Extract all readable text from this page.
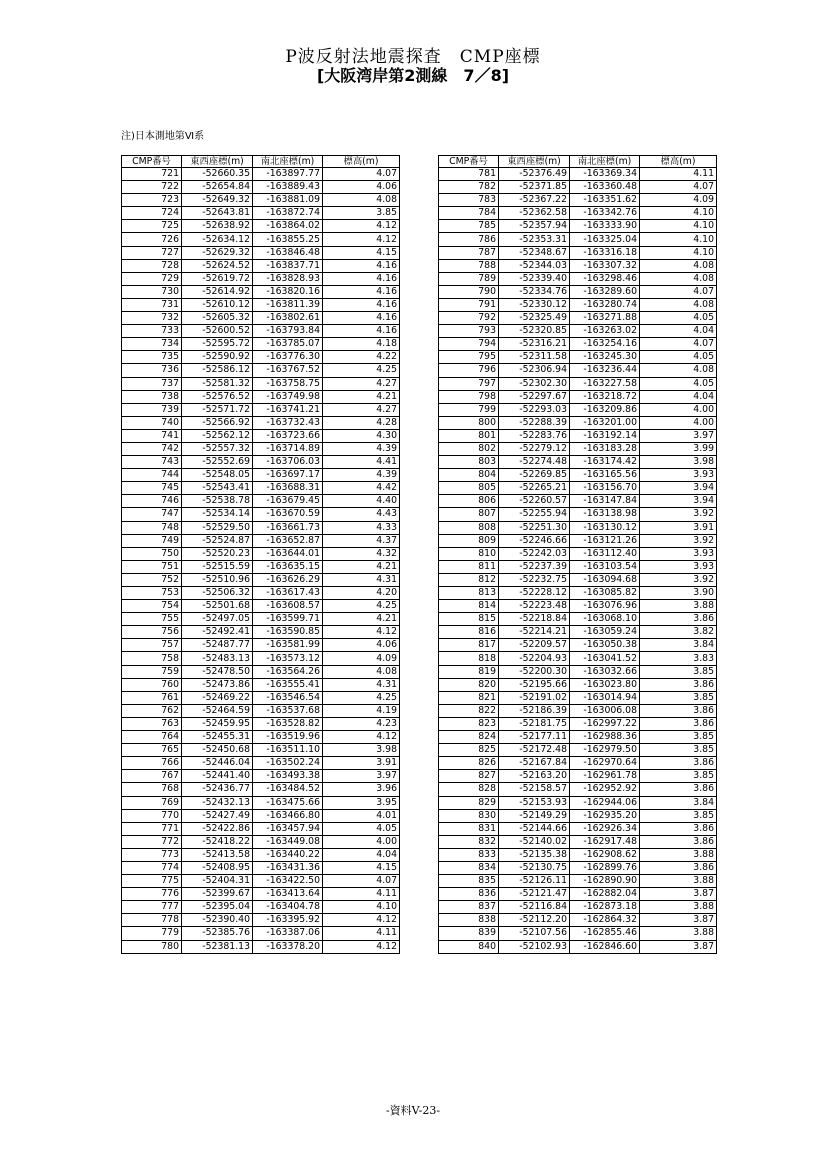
P波反射法地震探査　CMP座標
[大阪湾岸第2測線　7／8]
注)日本測地第Ⅵ系
CMP番号	東西座標(m)	南北座標(m)	標高(m)
721	-52660.35	-163897.77	4.07
722	-52654.84	-163889.43	4.06
723	-52649.32	-163881.09	4.08
724	-52643.81	-163872.74	3.85
725	-52638.92	-163864.02	4.12
726	-52634.12	-163855.25	4.12
727	-52629.32	-163846.48	4.15
728	-52624.52	-163837.71	4.16
729	-52619.72	-163828.93	4.16
730	-52614.92	-163820.16	4.16
731	-52610.12	-163811.39	4.16
732	-52605.32	-163802.61	4.16
733	-52600.52	-163793.84	4.16
734	-52595.72	-163785.07	4.18
735	-52590.92	-163776.30	4.22
736	-52586.12	-163767.52	4.25
737	-52581.32	-163758.75	4.27
738	-52576.52	-163749.98	4.21
739	-52571.72	-163741.21	4.27
740	-52566.92	-163732.43	4.28
741	-52562.12	-163723.66	4.30
742	-52557.32	-163714.89	4.39
743	-52552.69	-163706.03	4.41
744	-52548.05	-163697.17	4.39
745	-52543.41	-163688.31	4.42
746	-52538.78	-163679.45	4.40
747	-52534.14	-163670.59	4.43
748	-52529.50	-163661.73	4.33
749	-52524.87	-163652.87	4.37
750	-52520.23	-163644.01	4.32
751	-52515.59	-163635.15	4.21
752	-52510.96	-163626.29	4.31
753	-52506.32	-163617.43	4.20
754	-52501.68	-163608.57	4.25
755	-52497.05	-163599.71	4.21
756	-52492.41	-163590.85	4.12
757	-52487.77	-163581.99	4.06
758	-52483.13	-163573.12	4.09
759	-52478.50	-163564.26	4.08
760	-52473.86	-163555.41	4.31
761	-52469.22	-163546.54	4.25
762	-52464.59	-163537.68	4.19
763	-52459.95	-163528.82	4.23
764	-52455.31	-163519.96	4.12
765	-52450.68	-163511.10	3.98
766	-52446.04	-163502.24	3.91
767	-52441.40	-163493.38	3.97
768	-52436.77	-163484.52	3.96
769	-52432.13	-163475.66	3.95
770	-52427.49	-163466.80	4.01
771	-52422.86	-163457.94	4.05
772	-52418.22	-163449.08	4.00
773	-52413.58	-163440.22	4.04
774	-52408.95	-163431.36	4.15
775	-52404.31	-163422.50	4.07
776	-52399.67	-163413.64	4.11
777	-52395.04	-163404.78	4.10
778	-52390.40	-163395.92	4.12
779	-52385.76	-163387.06	4.11
780	-52381.13	-163378.20	4.12
CMP番号	東西座標(m)	南北座標(m)	標高(m)
781	-52376.49	-163369.34	4.11
782	-52371.85	-163360.48	4.07
783	-52367.22	-163351.62	4.09
784	-52362.58	-163342.76	4.10
785	-52357.94	-163333.90	4.10
786	-52353.31	-163325.04	4.10
787	-52348.67	-163316.18	4.10
788	-52344.03	-163307.32	4.08
789	-52339.40	-163298.46	4.08
790	-52334.76	-163289.60	4.07
791	-52330.12	-163280.74	4.08
792	-52325.49	-163271.88	4.05
793	-52320.85	-163263.02	4.04
794	-52316.21	-163254.16	4.07
795	-52311.58	-163245.30	4.05
796	-52306.94	-163236.44	4.08
797	-52302.30	-163227.58	4.05
798	-52297.67	-163218.72	4.04
799	-52293.03	-163209.86	4.00
800	-52288.39	-163201.00	4.00
801	-52283.76	-163192.14	3.97
802	-52279.12	-163183.28	3.99
803	-52274.48	-163174.42	3.98
804	-52269.85	-163165.56	3.93
805	-52265.21	-163156.70	3.94
806	-52260.57	-163147.84	3.94
807	-52255.94	-163138.98	3.92
808	-52251.30	-163130.12	3.91
809	-52246.66	-163121.26	3.92
810	-52242.03	-163112.40	3.93
811	-52237.39	-163103.54	3.93
812	-52232.75	-163094.68	3.92
813	-52228.12	-163085.82	3.90
814	-52223.48	-163076.96	3.88
815	-52218.84	-163068.10	3.86
816	-52214.21	-163059.24	3.82
817	-52209.57	-163050.38	3.84
818	-52204.93	-163041.52	3.83
819	-52200.30	-163032.66	3.85
820	-52195.66	-163023.80	3.86
821	-52191.02	-163014.94	3.85
822	-52186.39	-163006.08	3.86
823	-52181.75	-162997.22	3.86
824	-52177.11	-162988.36	3.85
825	-52172.48	-162979.50	3.85
826	-52167.84	-162970.64	3.86
827	-52163.20	-162961.78	3.85
828	-52158.57	-162952.92	3.86
829	-52153.93	-162944.06	3.84
830	-52149.29	-162935.20	3.85
831	-52144.66	-162926.34	3.86
832	-52140.02	-162917.48	3.86
833	-52135.38	-162908.62	3.88
834	-52130.75	-162899.76	3.86
835	-52126.11	-162890.90	3.88
836	-52121.47	-162882.04	3.87
837	-52116.84	-162873.18	3.88
838	-52112.20	-162864.32	3.87
839	-52107.56	-162855.46	3.88
840	-52102.93	-162846.60	3.87
-資料V-23-
